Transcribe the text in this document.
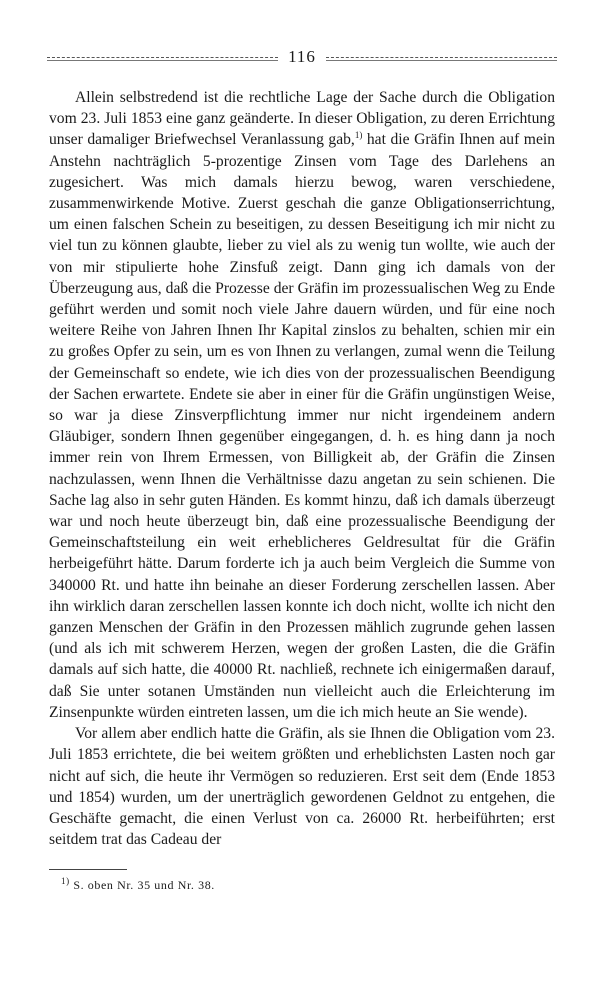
116

Allein selbstredend ist die rechtliche Lage der Sache durch die Obligation vom 23. Juli 1853 eine ganz geänderte. In dieser Obligation, zu deren Errichtung unser damaliger Briefwechsel Veranlassung gab,$^{1)}$ hat die Gräfin Ihnen auf mein Anstehn nachträglich 5-prozentige Zinsen vom Tage des Darlehens an zugesichert. Was mich damals hierzu bewog, waren verschiedene, zusammenwirkende Motive. Zuerst geschah die ganze Obligationserrichtung, um einen falschen Schein zu beseitigen, zu dessen Beseitigung ich mir nicht zu viel tun zu können glaubte, lieber zu viel als zu wenig tun wollte, wie auch der von mir stipulierte hohe Zinsfuß zeigt. Dann ging ich damals von der Überzeugung aus, daß die Prozesse der Gräfin im prozessualischen Weg zu Ende geführt werden und somit noch viele Jahre dauern würden, und für eine noch weitere Reihe von Jahren Ihnen Ihr Kapital zinslos zu behalten, schien mir ein zu großes Opfer zu sein, um es von Ihnen zu verlangen, zumal wenn die Teilung der Gemeinschaft so endete, wie ich dies von der prozessualischen Beendigung der Sachen erwartete. Endete sie aber in einer für die Gräfin ungünstigen Weise, so war ja diese Zinsverpflichtung immer nur nicht irgendeinem andern Gläubiger, sondern Ihnen gegenüber eingegangen, d. h. es hing dann ja noch immer rein von Ihrem Ermessen, von Billigkeit ab, der Gräfin die Zinsen nachzulassen, wenn Ihnen die Verhältnisse dazu angetan zu sein schienen. Die Sache lag also in sehr guten Händen. Es kommt hinzu, daß ich damals überzeugt war und noch heute überzeugt bin, daß eine prozessualische Beendigung der Gemeinschaftsteilung ein weit erheblicheres Geldresultat für die Gräfin herbeigeführt hätte. Darum forderte ich ja auch beim Vergleich die Summe von 340000 Rt. und hatte ihn beinahe an dieser Forderung zerschellen lassen. Aber ihn wirklich daran zerschellen lassen konnte ich doch nicht, wollte ich nicht den ganzen Menschen der Gräfin in den Prozessen mählich zugrunde gehen lassen (und als ich mit schwerem Herzen, wegen der großen Lasten, die die Gräfin damals auf sich hatte, die 40000 Rt. nachließ, rechnete ich einigermaßen darauf, daß Sie unter sotanen Umständen nun vielleicht auch die Erleichterung im Zinsenpunkte würden eintreten lassen, um die ich mich heute an Sie wende).

Vor allem aber endlich hatte die Gräfin, als sie Ihnen die Obligation vom 23. Juli 1853 errichtete, die bei weitem größten und erheblichsten Lasten noch gar nicht auf sich, die heute ihr Vermögen so reduzieren. Erst seit dem (Ende 1853 und 1854) wurden, um der unerträglich gewordenen Geldnot zu entgehen, die Geschäfte gemacht, die einen Verlust von ca. 26000 Rt. herbeiführten; erst seitdem trat das Cadeau der

$^{1)}$ S. oben Nr. 35 und Nr. 38.
